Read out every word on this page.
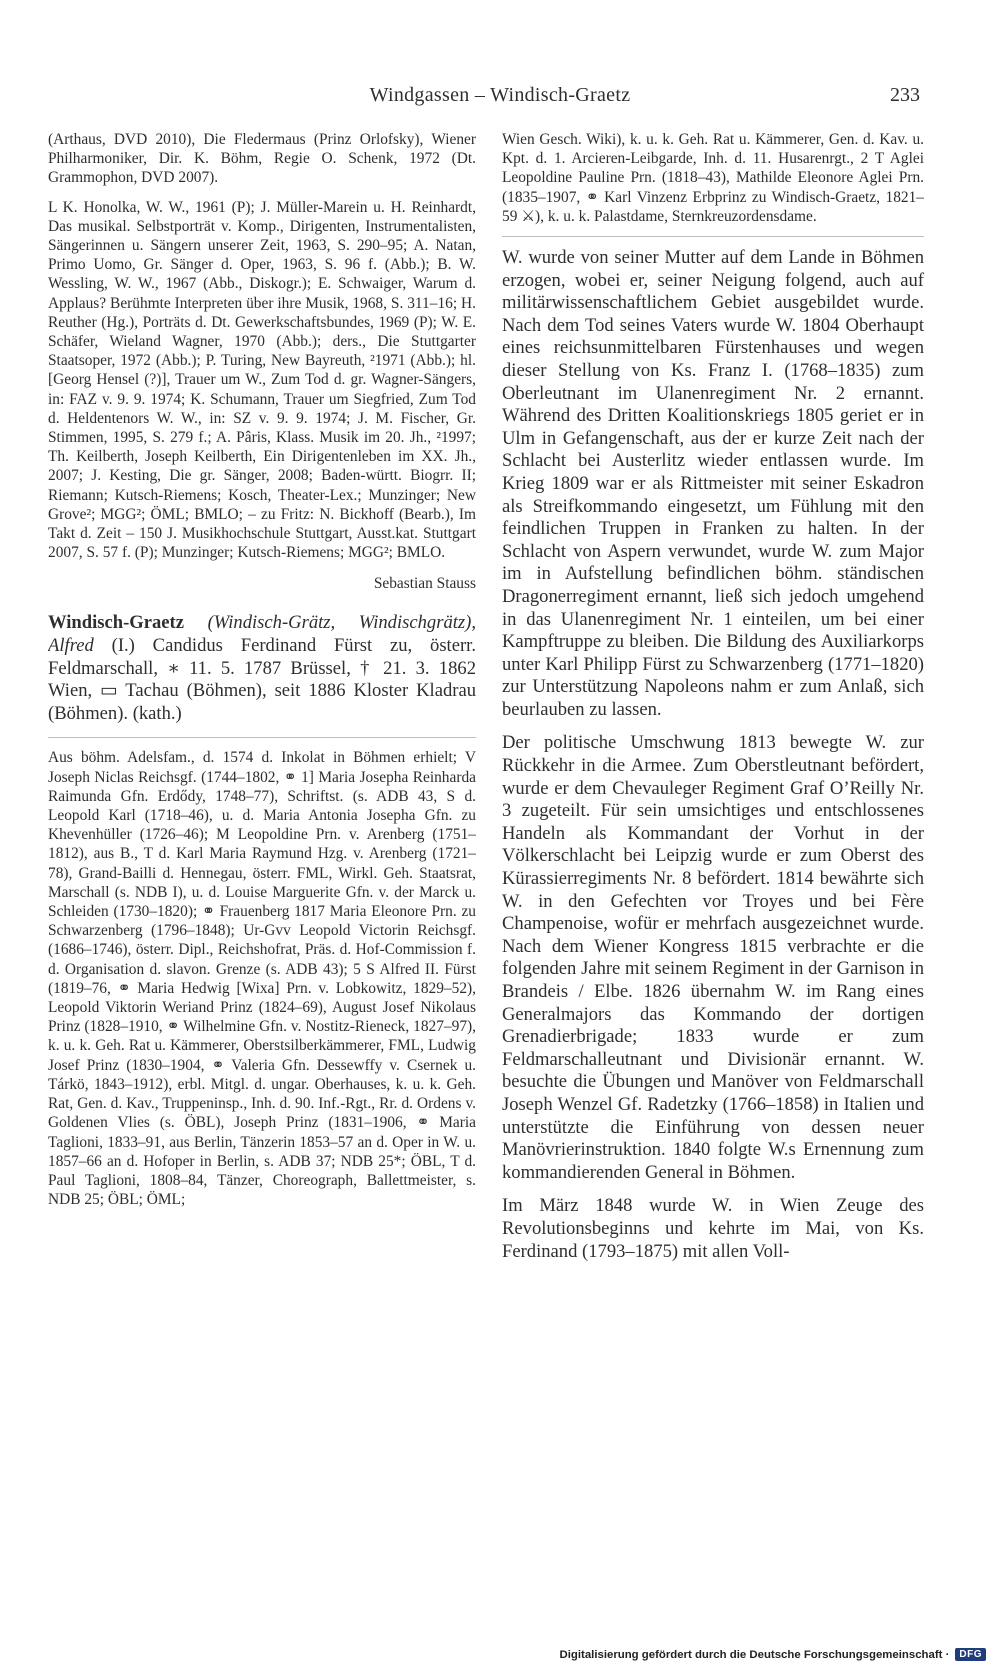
Windgassen – Windisch-Graetz	233

(Arthaus, DVD 2010), Die Fledermaus (Prinz Orlofsky), Wiener Philharmoniker, Dir. K. Böhm, Regie O. Schenk, 1972 (Dt. Grammophon, DVD 2007).

L K. Honolka, W. W., 1961 (P); J. Müller-Marein u. H. Reinhardt, Das musikal. Selbstporträt v. Komp., Dirigenten, Instrumentalisten, Sängerinnen u. Sängern unserer Zeit, 1963, S. 290–95; A. Natan, Primo Uomo, Gr. Sänger d. Oper, 1963, S. 96 f. (Abb.); B. W. Wessling, W. W., 1967 (Abb., Diskogr.); E. Schwaiger, Warum d. Applaus? Berühmte Interpreten über ihre Musik, 1968, S. 311–16; H. Reuther (Hg.), Porträts d. Dt. Gewerkschaftsbundes, 1969 (P); W. E. Schäfer, Wieland Wagner, 1970 (Abb.); ders., Die Stuttgarter Staatsoper, 1972 (Abb.); P. Turing, New Bayreuth, ²1971 (Abb.); hl. [Georg Hensel (?)], Trauer um W., Zum Tod d. gr. Wagner-Sängers, in: FAZ v. 9. 9. 1974; K. Schumann, Trauer um Siegfried, Zum Tod d. Heldentenors W. W., in: SZ v. 9. 9. 1974; J. M. Fischer, Gr. Stimmen, 1995, S. 279 f.; A. Pâris, Klass. Musik im 20. Jh., ²1997; Th. Keilberth, Joseph Keilberth, Ein Dirigentenleben im XX. Jh., 2007; J. Kesting, Die gr. Sänger, 2008; Baden-württ. Biogrr. II; Riemann; Kutsch-Riemens; Kosch, Theater-Lex.; Munzinger; New Grove²; MGG²; ÖML; BMLO; – zu Fritz: N. Bickhoff (Bearb.), Im Takt d. Zeit – 150 J. Musikhochschule Stuttgart, Ausst.kat. Stuttgart 2007, S. 57 f. (P); Munzinger; Kutsch-Riemens; MGG²; BMLO.

Sebastian Stauss

Windisch-Graetz (Windisch-Grätz, Windischgrätz), Alfred (I.) Candidus Ferdinand Fürst zu, österr. Feldmarschall, ∗ 11. 5. 1787 Brüssel, † 21. 3. 1862 Wien, ▭ Tachau (Böhmen), seit 1886 Kloster Kladrau (Böhmen). (kath.)

Aus böhm. Adelsfam., d. 1574 d. Inkolat in Böhmen erhielt; V Joseph Niclas Reichsgf. (1744–1802, ⚭ 1] Maria Josepha Reinharda Raimunda Gfn. Erdődy, 1748–77), Schriftst. (s. ADB 43, S d. Leopold Karl (1718–46), u. d. Maria Antonia Josepha Gfn. zu Khevenhüller (1726–46); M Leopoldine Prn. v. Arenberg (1751–1812), aus B., T d. Karl Maria Raymund Hzg. v. Arenberg (1721–78), Grand-Bailli d. Hennegau, österr. FML, Wirkl. Geh. Staatsrat, Marschall (s. NDB I), u. d. Louise Marguerite Gfn. v. der Marck u. Schleiden (1730–1820); ⚭ Frauenberg 1817 Maria Eleonore Prn. zu Schwarzenberg (1796–1848); Ur-Gvv Leopold Victorin Reichsgf. (1686–1746), österr. Dipl., Reichshofrat, Präs. d. Hof-Commission f. d. Organisation d. slavon. Grenze (s. ADB 43); 5 S Alfred II. Fürst (1819–76, ⚭ Maria Hedwig [Wixa] Prn. v. Lobkowitz, 1829–52), Leopold Viktorin Weriand Prinz (1824–69), August Josef Nikolaus Prinz (1828–1910, ⚭ Wilhelmine Gfn. v. Nostitz-Rieneck, 1827–97), k. u. k. Geh. Rat u. Kämmerer, Oberstsilberkämmerer, FML, Ludwig Josef Prinz (1830–1904, ⚭ Valeria Gfn. Dessewffy v. Csernek u. Tárkö, 1843–1912), erbl. Mitgl. d. ungar. Oberhauses, k. u. k. Geh. Rat, Gen. d. Kav., Truppeninsp., Inh. d. 90. Inf.-Rgt., Rr. d. Ordens v. Goldenen Vlies (s. ÖBL), Joseph Prinz (1831–1906, ⚭ Maria Taglioni, 1833–91, aus Berlin, Tänzerin 1853–57 an d. Oper in W. u. 1857–66 an d. Hofoper in Berlin, s. ADB 37; NDB 25*; ÖBL, T d. Paul Taglioni, 1808–84, Tänzer, Choreograph, Ballettmeister, s. NDB 25; ÖBL; ÖML;

Wien Gesch. Wiki), k. u. k. Geh. Rat u. Kämmerer, Gen. d. Kav. u. Kpt. d. 1. Arcieren-Leibgarde, Inh. d. 11. Husarenrgt., 2 T Aglei Leopoldine Pauline Prn. (1818–43), Mathilde Eleonore Aglei Prn. (1835–1907, ⚭ Karl Vinzenz Erbprinz zu Windisch-Graetz, 1821–59 ⚔), k. u. k. Palastdame, Sternkreuzordensdame.

W. wurde von seiner Mutter auf dem Lande in Böhmen erzogen, wobei er, seiner Neigung folgend, auch auf militärwissenschaftlichem Gebiet ausgebildet wurde. Nach dem Tod seines Vaters wurde W. 1804 Oberhaupt eines reichsunmittelbaren Fürstenhauses und wegen dieser Stellung von Ks. Franz I. (1768–1835) zum Oberleutnant im Ulanenregiment Nr. 2 ernannt. Während des Dritten Koalitionskriegs 1805 geriet er in Ulm in Gefangenschaft, aus der er kurze Zeit nach der Schlacht bei Austerlitz wieder entlassen wurde. Im Krieg 1809 war er als Rittmeister mit seiner Eskadron als Streifkommando eingesetzt, um Fühlung mit den feindlichen Truppen in Franken zu halten. In der Schlacht von Aspern verwundet, wurde W. zum Major im in Aufstellung befindlichen böhm. ständischen Dragonerregiment ernannt, ließ sich jedoch umgehend in das Ulanenregiment Nr. 1 einteilen, um bei einer Kampftruppe zu bleiben. Die Bildung des Auxiliarkorps unter Karl Philipp Fürst zu Schwarzenberg (1771–1820) zur Unterstützung Napoleons nahm er zum Anlaß, sich beurlauben zu lassen.

Der politische Umschwung 1813 bewegte W. zur Rückkehr in die Armee. Zum Oberstleutnant befördert, wurde er dem Chevauleger Regiment Graf O’Reilly Nr. 3 zugeteilt. Für sein umsichtiges und entschlossenes Handeln als Kommandant der Vorhut in der Völkerschlacht bei Leipzig wurde er zum Oberst des Kürassierregiments Nr. 8 befördert. 1814 bewährte sich W. in den Gefechten vor Troyes und bei Fère Champenoise, wofür er mehrfach ausgezeichnet wurde. Nach dem Wiener Kongress 1815 verbrachte er die folgenden Jahre mit seinem Regiment in der Garnison in Brandeis / Elbe. 1826 übernahm W. im Rang eines Generalmajors das Kommando der dortigen Grenadierbrigade; 1833 wurde er zum Feldmarschalleutnant und Divisionär ernannt. W. besuchte die Übungen und Manöver von Feldmarschall Joseph Wenzel Gf. Radetzky (1766–1858) in Italien und unterstützte die Einführung von dessen neuer Manövrierinstruktion. 1840 folgte W.s Ernennung zum kommandierenden General in Böhmen.

Im März 1848 wurde W. in Wien Zeuge des Revolutionsbeginns und kehrte im Mai, von Ks. Ferdinand (1793–1875) mit allen Voll-

Digitalisierung gefördert durch die Deutsche Forschungsgemeinschaft ·	DFG
